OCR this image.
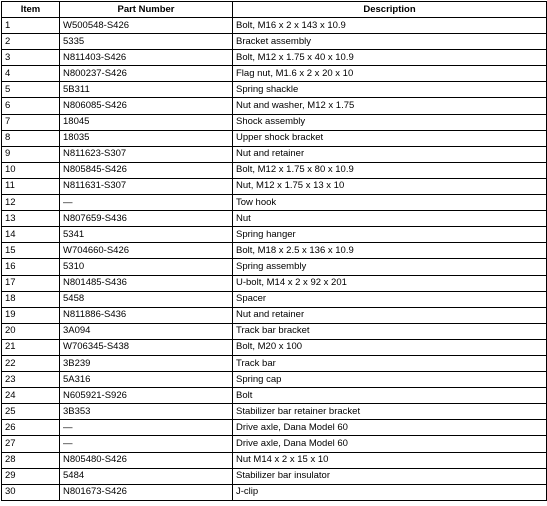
Item	Part Number	Description
1	W500548-S426	Bolt, M16 x 2 x 143 x 10.9
2	5335	Bracket assembly
3	N811403-S426	Bolt, M12 x 1.75 x 40 x 10.9
4	N800237-S426	Flag nut, M1.6 x 2 x 20 x 10
5	5B311	Spring shackle
6	N806085-S426	Nut and washer, M12 x 1.75
7	18045	Shock assembly
8	18035	Upper shock bracket
9	N811623-S307	Nut and retainer
10	N805845-S426	Bolt, M12 x 1.75 x 80 x 10.9
11	N811631-S307	Nut, M12 x 1.75 x 13 x 10
12	—	Tow hook
13	N807659-S436	Nut
14	5341	Spring hanger
15	W704660-S426	Bolt, M18 x 2.5 x 136 x 10.9
16	5310	Spring assembly
17	N801485-S436	U-bolt, M14 x 2 x 92 x 201
18	5458	Spacer
19	N811886-S436	Nut and retainer
20	3A094	Track bar bracket
21	W706345-S438	Bolt, M20 x 100
22	3B239	Track bar
23	5A316	Spring cap
24	N605921-S926	Bolt
25	3B353	Stabilizer bar retainer bracket
26	—	Drive axle, Dana Model 60
27	—	Drive axle, Dana Model 60
28	N805480-S426	Nut M14 x 2 x 15 x 10
29	5484	Stabilizer bar insulator
30	N801673-S426	J-clip
